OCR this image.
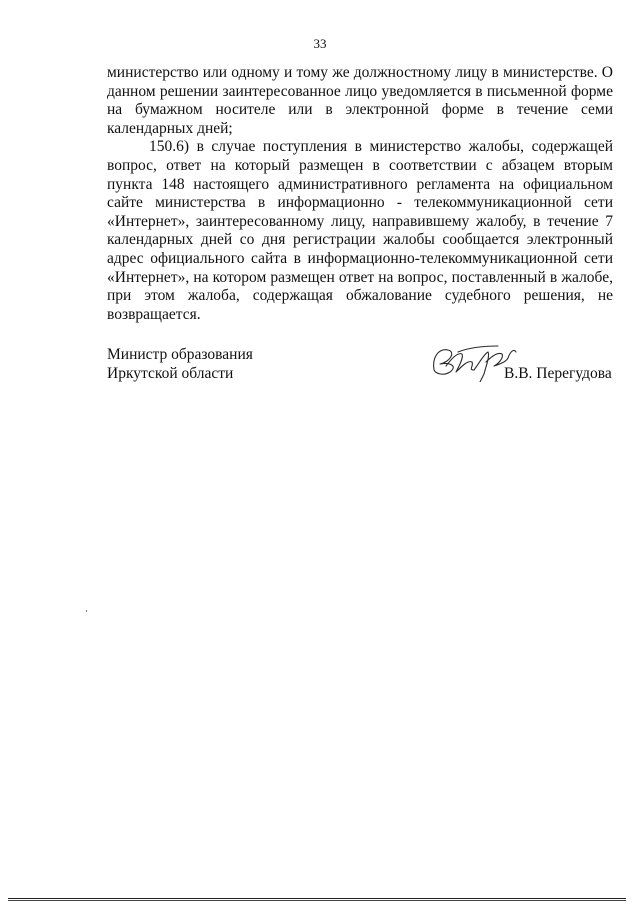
33

министерство или одному и тому же должностному лицу в министерстве. О данном решении заинтересованное лицо уведомляется в письменной форме на бумажном носителе или в электронной форме в течение семи календарных дней;

150.6) в случае поступления в министерство жалобы, содержащей вопрос, ответ на который размещен в соответствии с абзацем вторым пункта 148 настоящего административного регламента на официальном сайте министерства в информационно - телекоммуникационной сети «Интернет», заинтересованному лицу, направившему жалобу, в течение 7 календарных дней со дня регистрации жалобы сообщается электронный адрес официального сайта в информационно-телекоммуникационной сети «Интернет», на котором размещен ответ на вопрос, поставленный в жалобе, при этом жалоба, содержащая обжалование судебного решения, не возвращается.

Министр образования
Иркутской области	В.В. Перегудова
